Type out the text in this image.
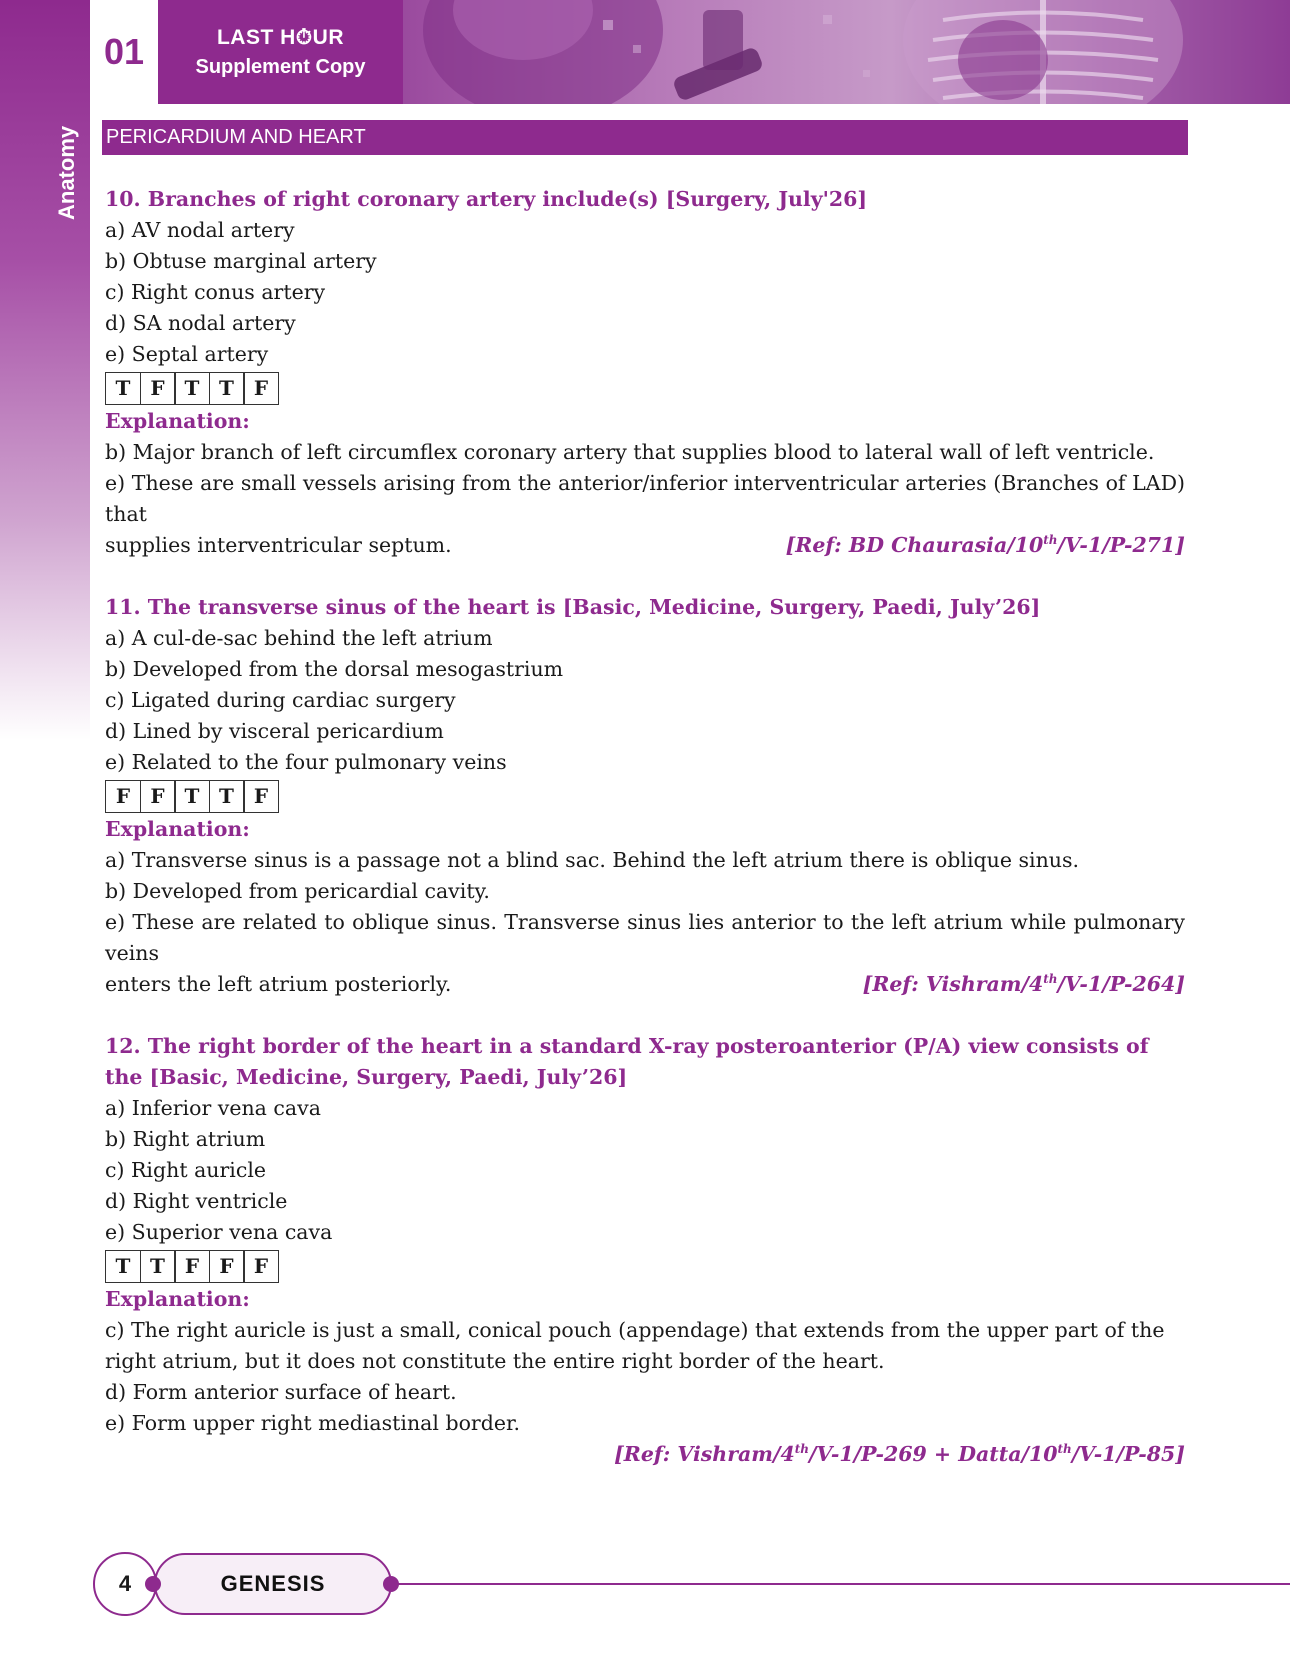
Anatomy
01	LAST H⏱UR
Supplement Copy
PERICARDIUM AND HEART
10. Branches of right coronary artery include(s) [Surgery, July'26]
a) AV nodal artery
b) Obtuse marginal artery
c) Right conus artery
d) SA nodal artery
e) Septal artery
T F T T F
Explanation:
b) Major branch of left circumflex coronary artery that supplies blood to lateral wall of left ventricle.
e) These are small vessels arising from the anterior/inferior interventricular arteries (Branches of LAD) that
supplies interventricular septum.	[Ref: BD Chaurasia/10th/V-1/P-271]
11. The transverse sinus of the heart is [Basic, Medicine, Surgery, Paedi, July’26]
a) A cul-de-sac behind the left atrium
b) Developed from the dorsal mesogastrium
c) Ligated during cardiac surgery
d) Lined by visceral pericardium
e) Related to the four pulmonary veins
F	F T T F
Explanation:
a) Transverse sinus is a passage not a blind sac. Behind the left atrium there is oblique sinus.
b) Developed from pericardial cavity.
e) These are related to oblique sinus. Transverse sinus lies anterior to the left atrium while pulmonary veins
enters the left atrium posteriorly.	[Ref: Vishram/4th/V-1/P-264]
12. The right border of the heart in a standard X-ray posteroanterior (P/A) view consists of the [Basic, Medicine, Surgery, Paedi, July’26]
a) Inferior vena cava
b) Right atrium
c) Right auricle
d) Right ventricle
e) Superior vena cava
T T F	F	F
Explanation:
c) The right auricle is just a small, conical pouch (appendage) that extends from the upper part of the right atrium, but it does not constitute the entire right border of the heart.
d) Form anterior surface of heart.
e) Form upper right mediastinal border.
[Ref: Vishram/4th/V-1/P-269 + Datta/10th/V-1/P-85]
4	GENESIS
